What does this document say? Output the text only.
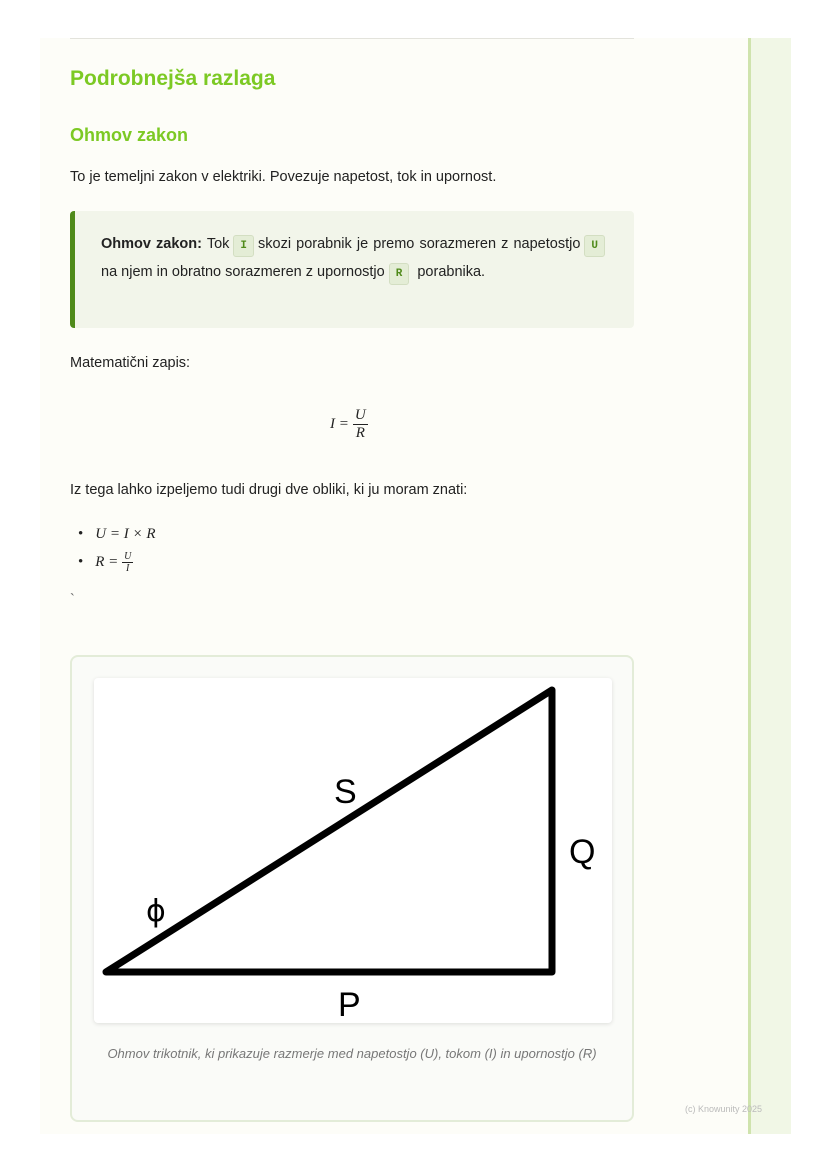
Podrobnejša razlaga
Ohmov zakon
To je temeljni zakon v elektriki. Povezuje napetost, tok in upornost.
Ohmov zakon: Tok I skozi porabnik je premo sorazmeren z napetostjo Una njem in obratno sorazmeren z upornostjo R porabnika.
Matematični zapis:
$I = \frac{U}{R}$
Iz tega lahko izpeljemo tudi drugi dve obliki, ki ju moram znati:
• U = I × R
• R =
$\frac{U}{I}$
`
S
Q
ϕ
P
Ohmov trikotnik, ki prikazuje razmerje med napetostjo (U), tokom (I) in upornostjo (R)
(c) Knowunity 2025
